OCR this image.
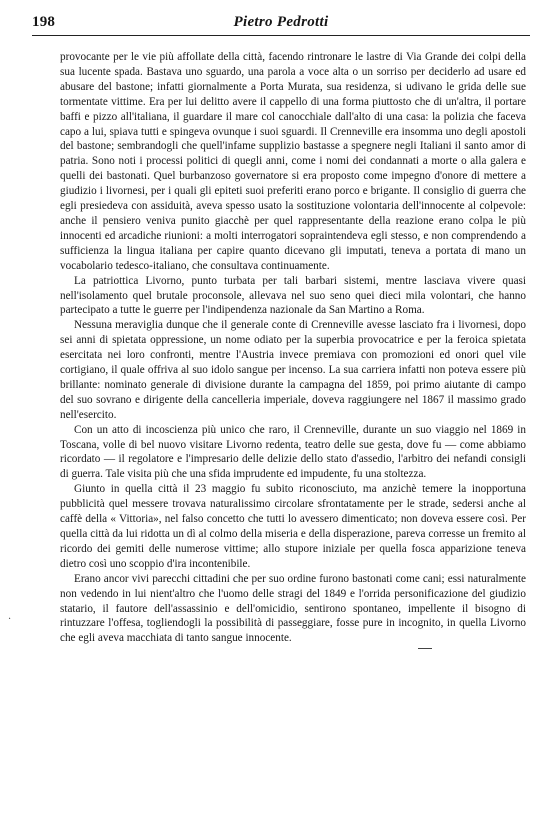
198	Pietro Pedrotti

provocante per le vie più affollate della città, facendo rintronare le lastre di Via Grande dei colpi della sua lucente spada. Bastava uno sguardo, una parola a voce alta o un sorriso per deciderlo ad usare ed abusare del bastone; infatti giornalmente a Porta Murata, sua residenza, si udivano le grida delle sue tormentate vittime. Era per lui delitto avere il cappello di una forma piuttosto che di un'altra, il portare baffi e pizzo all'italiana, il guardare il mare col canocchiale dall'alto di una casa: la polizia che faceva capo a lui, spiava tutti e spingeva ovunque i suoi sguardi. Il Crenneville era insomma uno degli apostoli del bastone; sembrandogli che quell'infame supplizio bastasse a spegnere negli Italiani il santo amor di patria. Sono noti i processi politici di quegli anni, come i nomi dei condannati a morte o alla galera e quelli dei bastonati. Quel burbanzoso governatore si era proposto come impegno d'onore di mettere a giudizio i livornesi, per i quali gli epiteti suoi preferiti erano porco e brigante. Il consiglio di guerra che egli presiedeva con assiduità, aveva spesso usato la sostituzione volontaria dell'innocente al colpevole: anche il pensiero veniva punito giacchè per quel rappresentante della reazione erano colpa le più innocenti ed arcadiche riunioni: a molti interrogatori sopraintendeva egli stesso, e non comprendendo a sufficienza la lingua italiana per capire quanto dicevano gli imputati, teneva a portata di mano un vocabolario tedesco-italiano, che consultava continuamente.

La patriottica Livorno, punto turbata per tali barbari sistemi, mentre lasciava vivere quasi nell'isolamento quel brutale proconsole, allevava nel suo seno quei dieci mila volontari, che hanno partecipato a tutte le guerre per l'indipendenza nazionale da San Martino a Roma.

Nessuna meraviglia dunque che il generale conte di Crenneville avesse lasciato fra i livornesi, dopo sei anni di spietata oppressione, un nome odiato per la superbia provocatrice e per la feroica spietata esercitata nei loro confronti, mentre l'Austria invece premiava con promozioni ed onori quel vile cortigiano, il quale offriva al suo idolo sangue per incenso. La sua carriera infatti non poteva essere più brillante: nominato generale di divisione durante la campagna del 1859, poi primo aiutante di campo del suo sovrano e dirigente della cancelleria imperiale, doveva raggiungere nel 1867 il massimo grado nell'esercito.

Con un atto di incoscienza più unico che raro, il Crenneville, durante un suo viaggio nel 1869 in Toscana, volle di bel nuovo visitare Livorno redenta, teatro delle sue gesta, dove fu — come abbiamo ricordato — il regolatore e l'impresario delle delizie dello stato d'assedio, l'arbitro dei nefandi consigli di guerra. Tale visita più che una sfida imprudente ed impudente, fu una stoltezza.

Giunto in quella città il 23 maggio fu subito riconosciuto, ma anzichè temere la inopportuna pubblicità quel messere trovava naturalissimo circolare sfrontatamente per le strade, sedersi anche al caffè della « Vittoria», nel falso concetto che tutti lo avessero dimenticato; non doveva essere così. Per quella città da lui ridotta un dì al colmo della miseria e della disperazione, pareva corresse un fremito al ricordo dei gemiti delle numerose vittime; allo stupore iniziale per quella fosca apparizione teneva dietro così uno scoppio d'ira incontenibile.

Erano ancor vivi parecchi cittadini che per suo ordine furono bastonati come cani; essi naturalmente non vedendo in lui nient'altro che l'uomo delle stragi del 1849 e l'orrida personificazione del giudizio statario, il fautore dell'assassinio e dell'omicidio, sentirono spontaneo, impellente il bisogno di rintuzzare l'offesa, togliendogli la possibilità di passeggiare, fosse pure in incognito, in quella Livorno che egli aveva macchiata di tanto sangue innocente.

·
